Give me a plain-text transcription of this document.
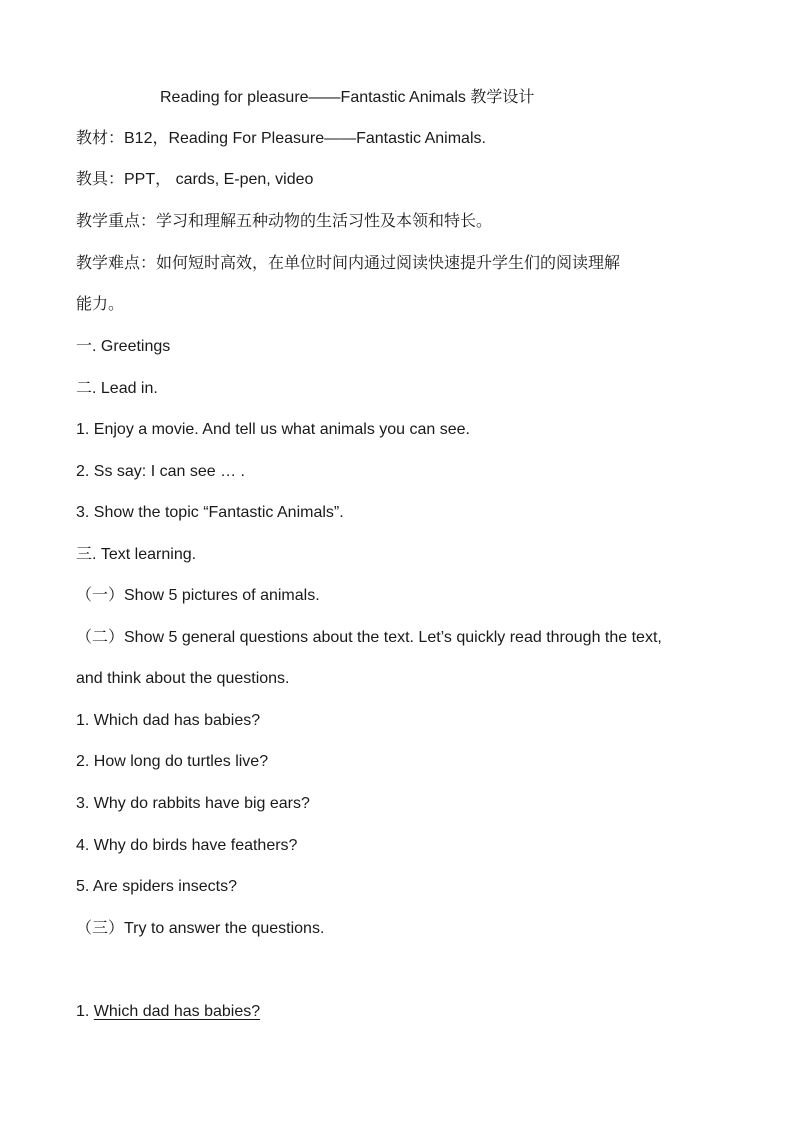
Reading for pleasure——Fantastic Animals 教学设计
教材：B12，Reading For Pleasure——Fantastic Animals.
教具：PPT， cards, E-pen, video
教学重点：学习和理解五种动物的生活习性及本领和特长。
教学难点：如何短时高效，在单位时间内通过阅读快速提升学生们的阅读理解
能力。
一. Greetings
二. Lead in.
1. Enjoy a movie. And tell us what animals you can see.
2. Ss say: I can see … .
3. Show the topic “Fantastic Animals”.
三. Text learning.
（一）Show 5 pictures of animals.
（二）Show 5 general questions about the text. Let’s quickly read through the text,
and think about the questions.
1. Which dad has babies?
2. How long do turtles live?
3. Why do rabbits have big ears?
4. Why do birds have feathers?
5. Are spiders insects?
（三）Try to answer the questions.
1. Which dad has babies?
